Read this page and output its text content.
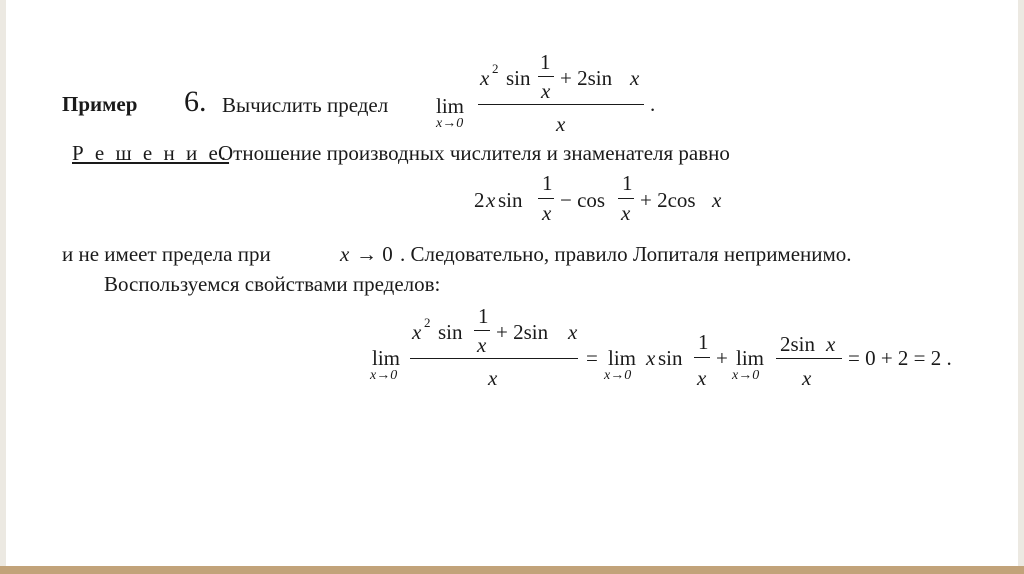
Пример 6. Вычислить предел lim
x→0
x 2 sin
1
x
+ 2sin x
x
.
Р е ш е н и е.
Отношение производных числителя и знаменателя равно
2 x sin
1
x
− cos
1
x
+ 2cos x
и не имеет предела при	x → 0 . Следовательно, правило Лопиталя неприменимо.
Воспользуемся свойствами пределов:
lim
x→0
x 2 sin
1
x
+ 2sin x
x
= lim
x→0
x sin
1
x
+ lim
x→0
2sin x
x
= 0 + 2 = 2 .
